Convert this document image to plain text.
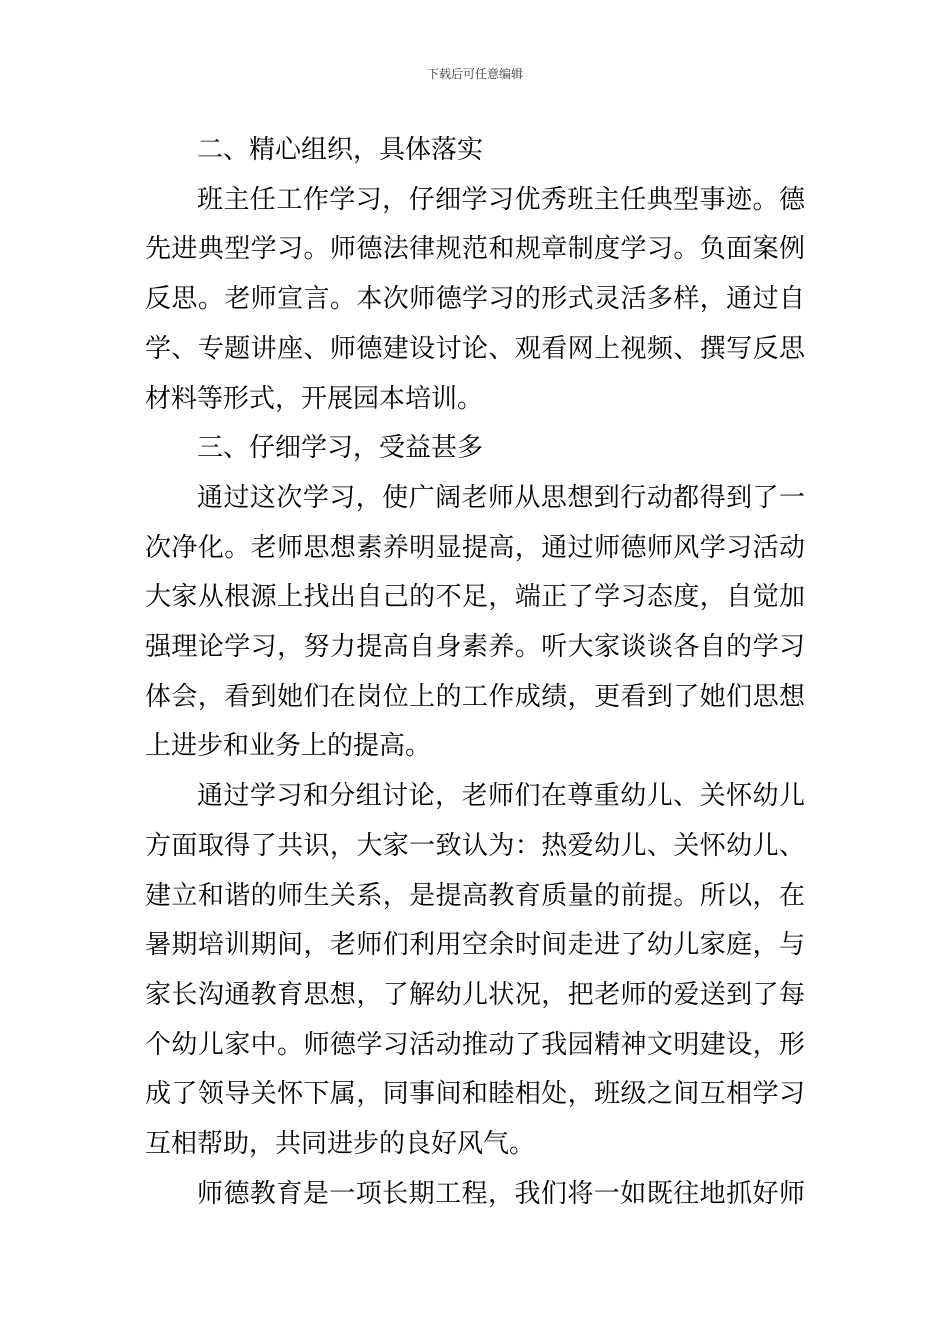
下载后可任意编辑
二、精心组织，具体落实
班主任工作学习，仔细学习优秀班主任典型事迹。德
先进典型学习。师德法律规范和规章制度学习。负面案例
反思。老师宣言。本次师德学习的形式灵活多样，通过自
学、专题讲座、师德建设讨论、观看网上视频、撰写反思
材料等形式，开展园本培训。
三、仔细学习，受益甚多
通过这次学习，使广阔老师从思想到行动都得到了一
次净化。老师思想素养明显提高，通过师德师风学习活动
大家从根源上找出自己的不足，端正了学习态度，自觉加
强理论学习，努力提高自身素养。听大家谈谈各自的学习
体会，看到她们在岗位上的工作成绩，更看到了她们思想
上进步和业务上的提高。
通过学习和分组讨论，老师们在尊重幼儿、关怀幼儿
方面取得了共识，大家一致认为：热爱幼儿、关怀幼儿、
建立和谐的师生关系，是提高教育质量的前提。所以，在
暑期培训期间，老师们利用空余时间走进了幼儿家庭，与
家长沟通教育思想，了解幼儿状况，把老师的爱送到了每
个幼儿家中。师德学习活动推动了我园精神文明建设，形
成了领导关怀下属，同事间和睦相处，班级之间互相学习
互相帮助，共同进步的良好风气。
师德教育是一项长期工程，我们将一如既往地抓好师
